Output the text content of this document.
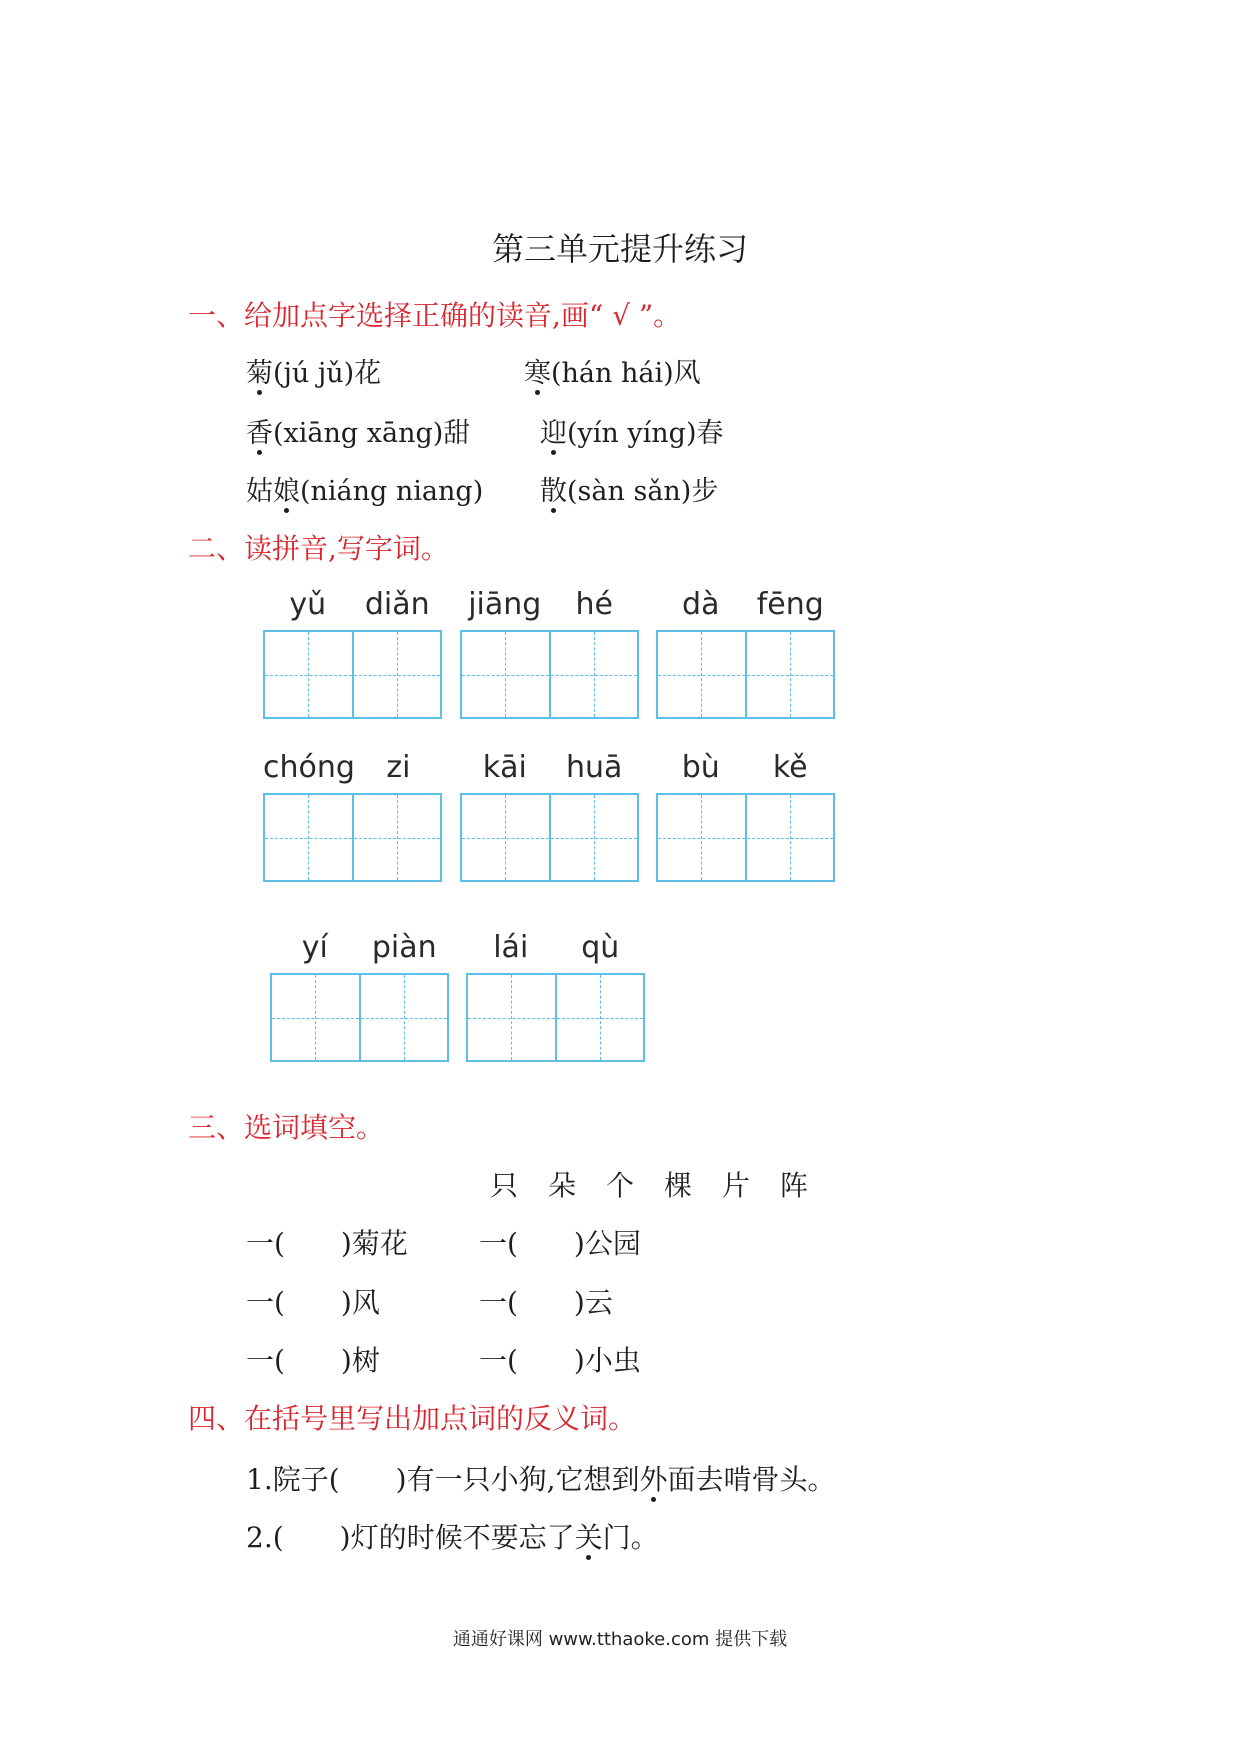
第三单元提升练习
一、给加点字选择正确的读音,画“ √ ”。
菊(jú jǔ)花	寒(hán hái)风
香(xiāng xāng)甜	迎(yín yíng)春
姑娘(niáng niang) 散(sàn sǎn)步
二、读拼音,写字词。
yǔ	diǎn	jiāng	hé	dà	fēng
chóng	zi	kāi	huā	bù	kě
yí	piàn	lái	qù
三、选词填空。
只 朵 个 棵 片 阵
一(　　)菊花	一(　　)公园
一(　　)风	一(　　)云
一(　　)树	一(　　)小虫
四、在括号里写出加点词的反义词。
1.院子(　　)有一只小狗,它想到外面去啃骨头。
2.(　　)灯的时候不要忘了关门。
通通好课网 www.tthaoke.com 提供下载
